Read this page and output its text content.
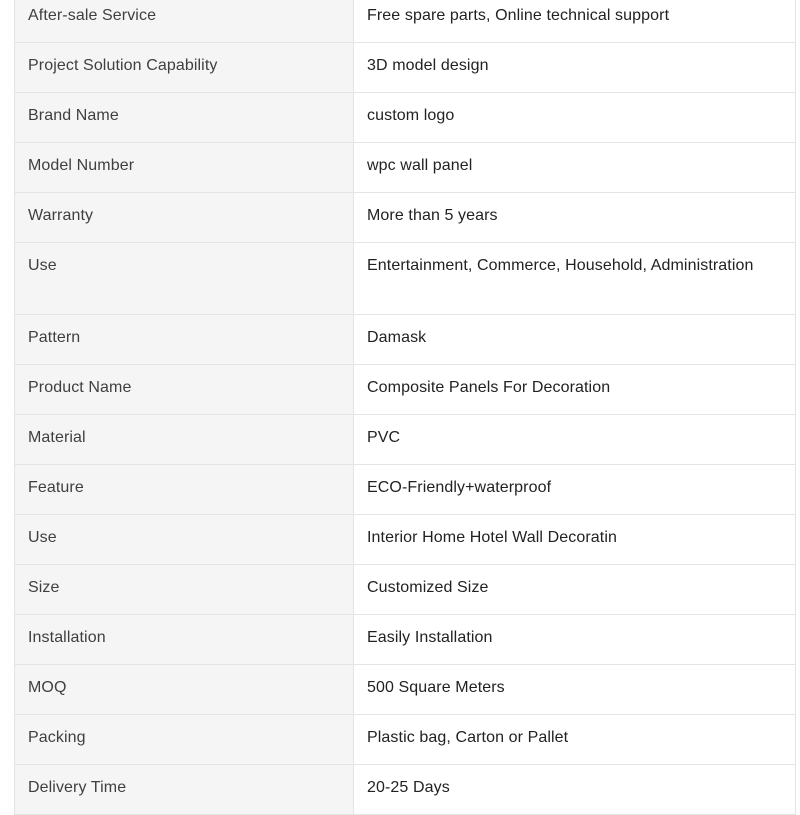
After-sale Service	Free spare parts, Online technical support
Project Solution Capability	3D model design
Brand Name	custom logo
Model Number	wpc wall panel
Warranty	More than 5 years
Use	Entertainment, Commerce, Household, Administration
Pattern	Damask
Product Name	Composite Panels For Decoration
Material	PVC
Feature	ECO-Friendly+waterproof
Use	Interior Home Hotel Wall Decoratin
Size	Customized Size
Installation	Easily Installation
MOQ	500 Square Meters
Packing	Plastic bag, Carton or Pallet
Delivery Time	20-25 Days
